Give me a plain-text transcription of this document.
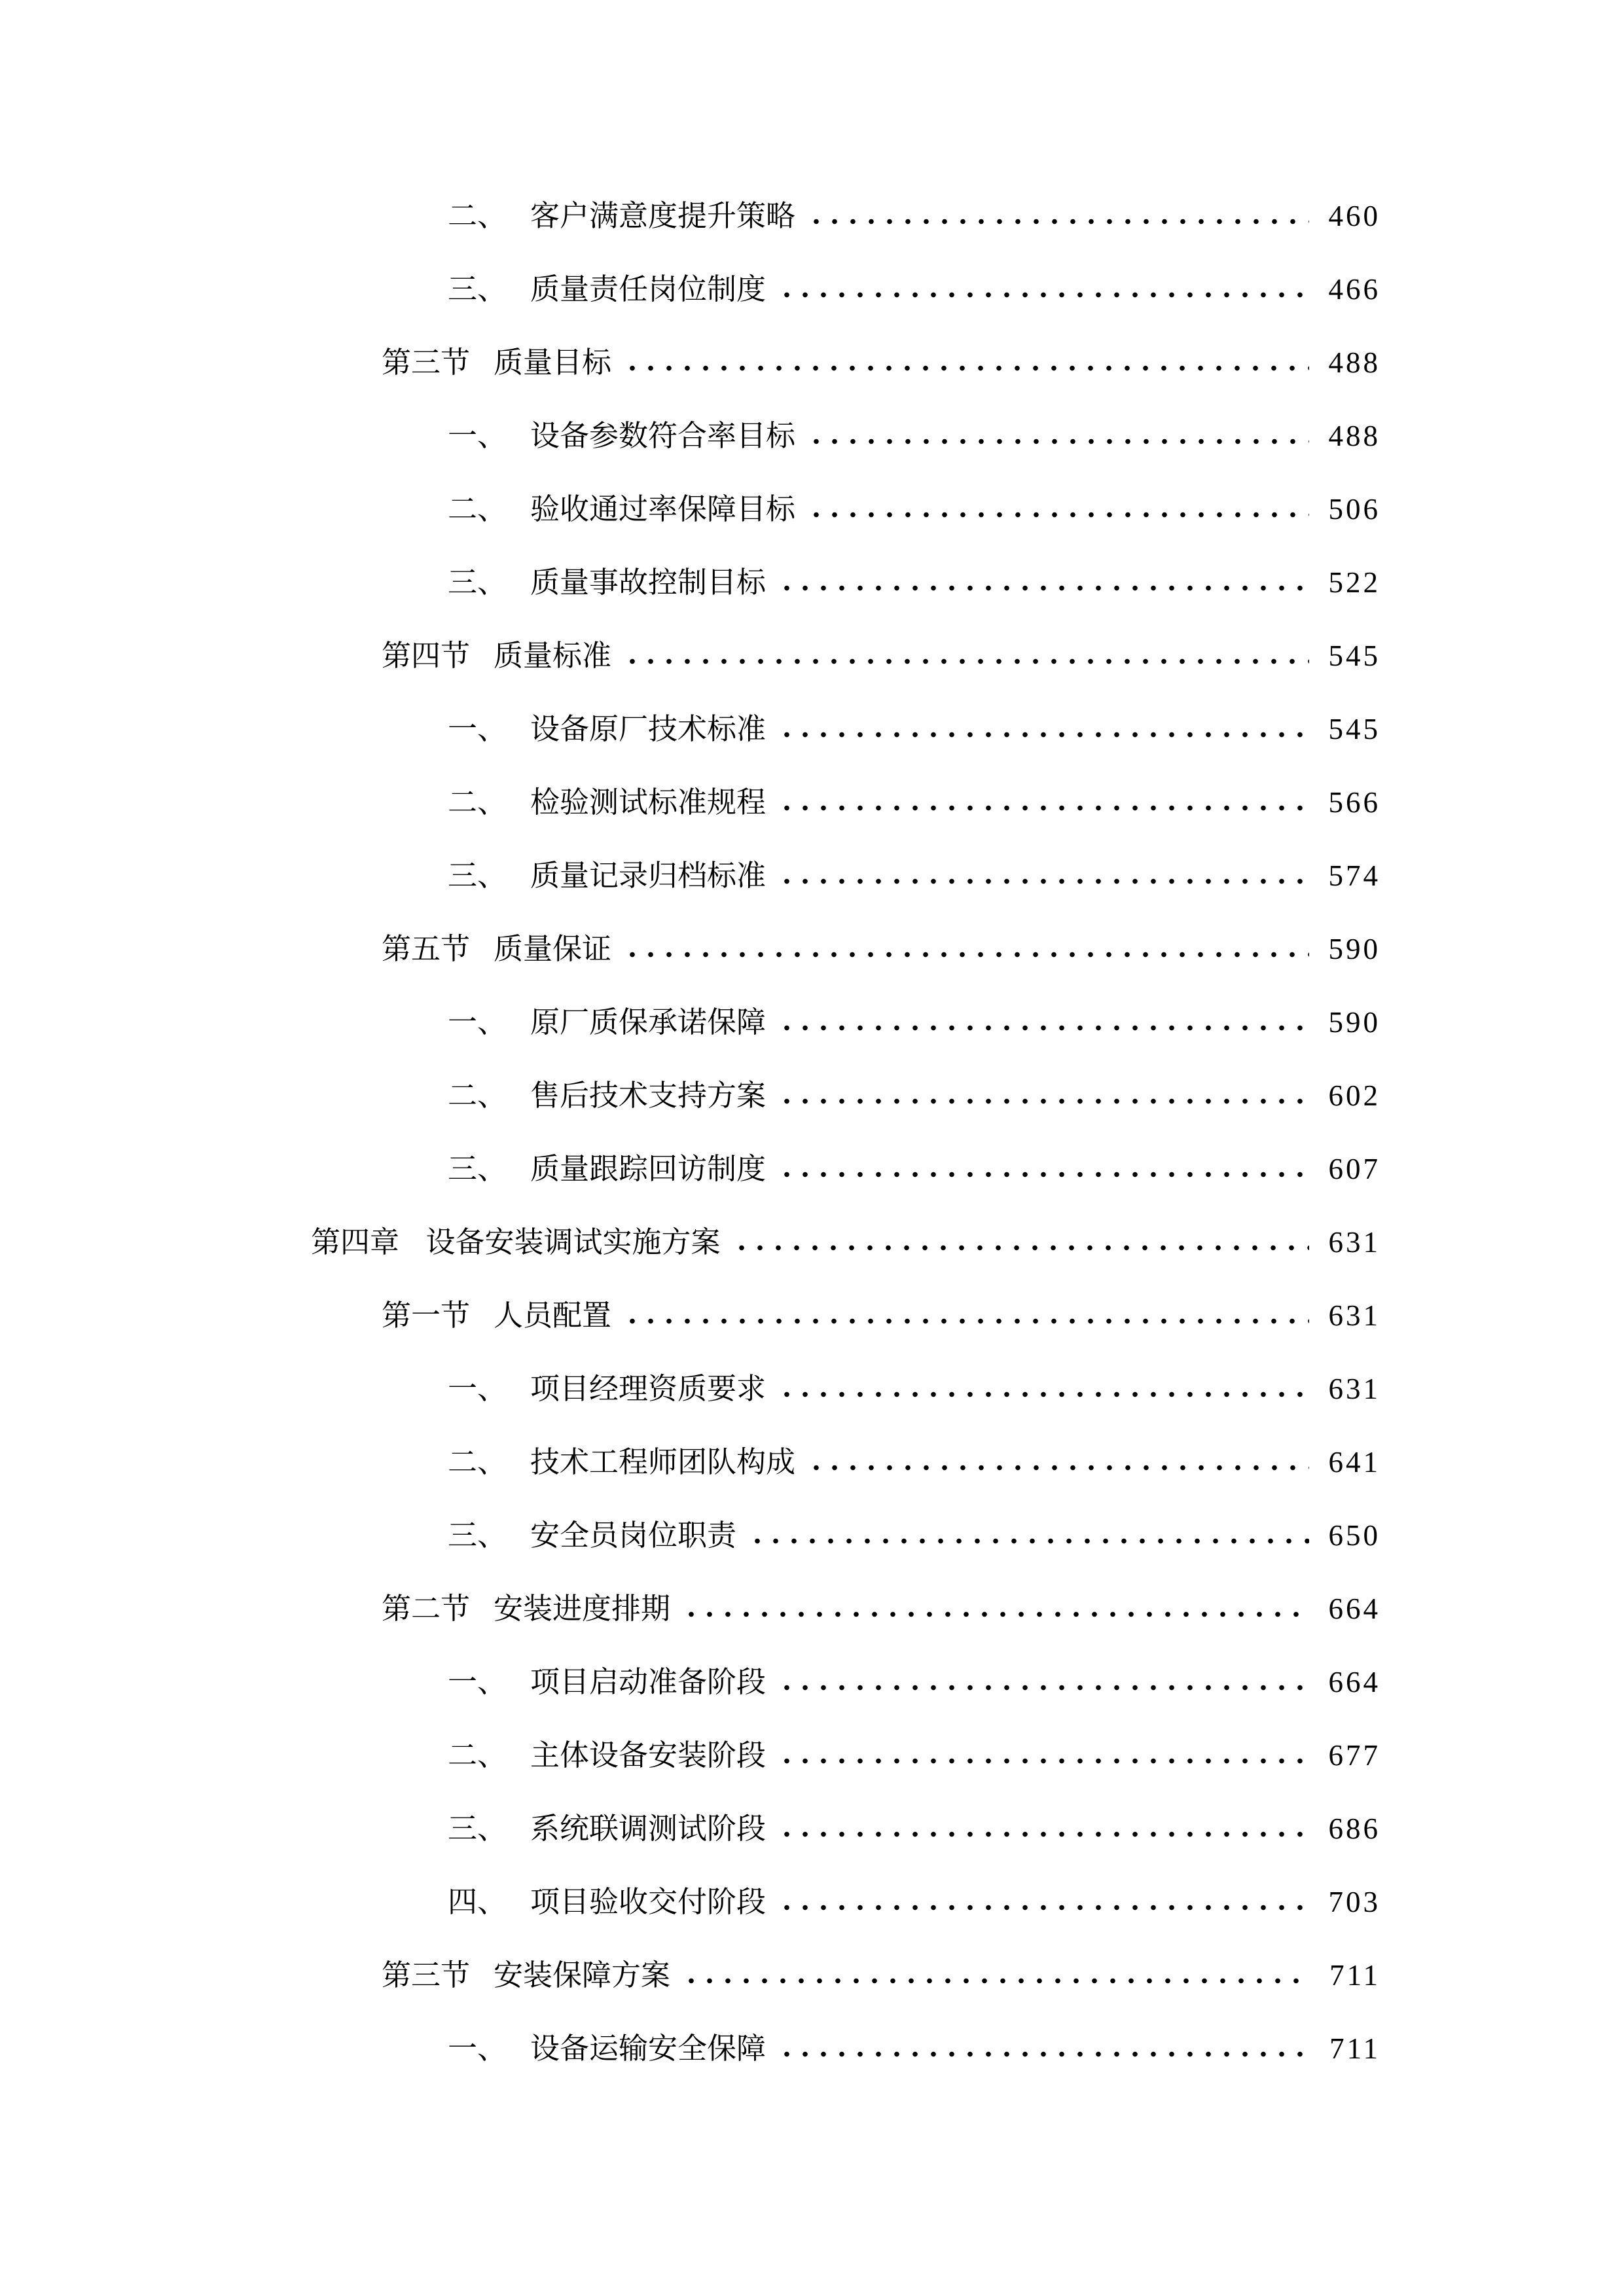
二、 客户满意度提升策略	460
三、 质量责任岗位制度	466
第三节 质量目标	488
一、 设备参数符合率目标	488
二、 验收通过率保障目标	506
三、 质量事故控制目标	522
第四节 质量标准	545
一、 设备原厂技术标准	545
二、 检验测试标准规程	566
三、 质量记录归档标准	574
第五节 质量保证	590
一、 原厂质保承诺保障	590
二、 售后技术支持方案	602
三、 质量跟踪回访制度	607
第四章 设备安装调试实施方案	631
第一节 人员配置	631
一、 项目经理资质要求	631
二、 技术工程师团队构成	641
三、 安全员岗位职责	650
第二节 安装进度排期	664
一、 项目启动准备阶段	664
二、 主体设备安装阶段	677
三、 系统联调测试阶段	686
四、 项目验收交付阶段	703
第三节 安装保障方案	711
一、 设备运输安全保障	711
